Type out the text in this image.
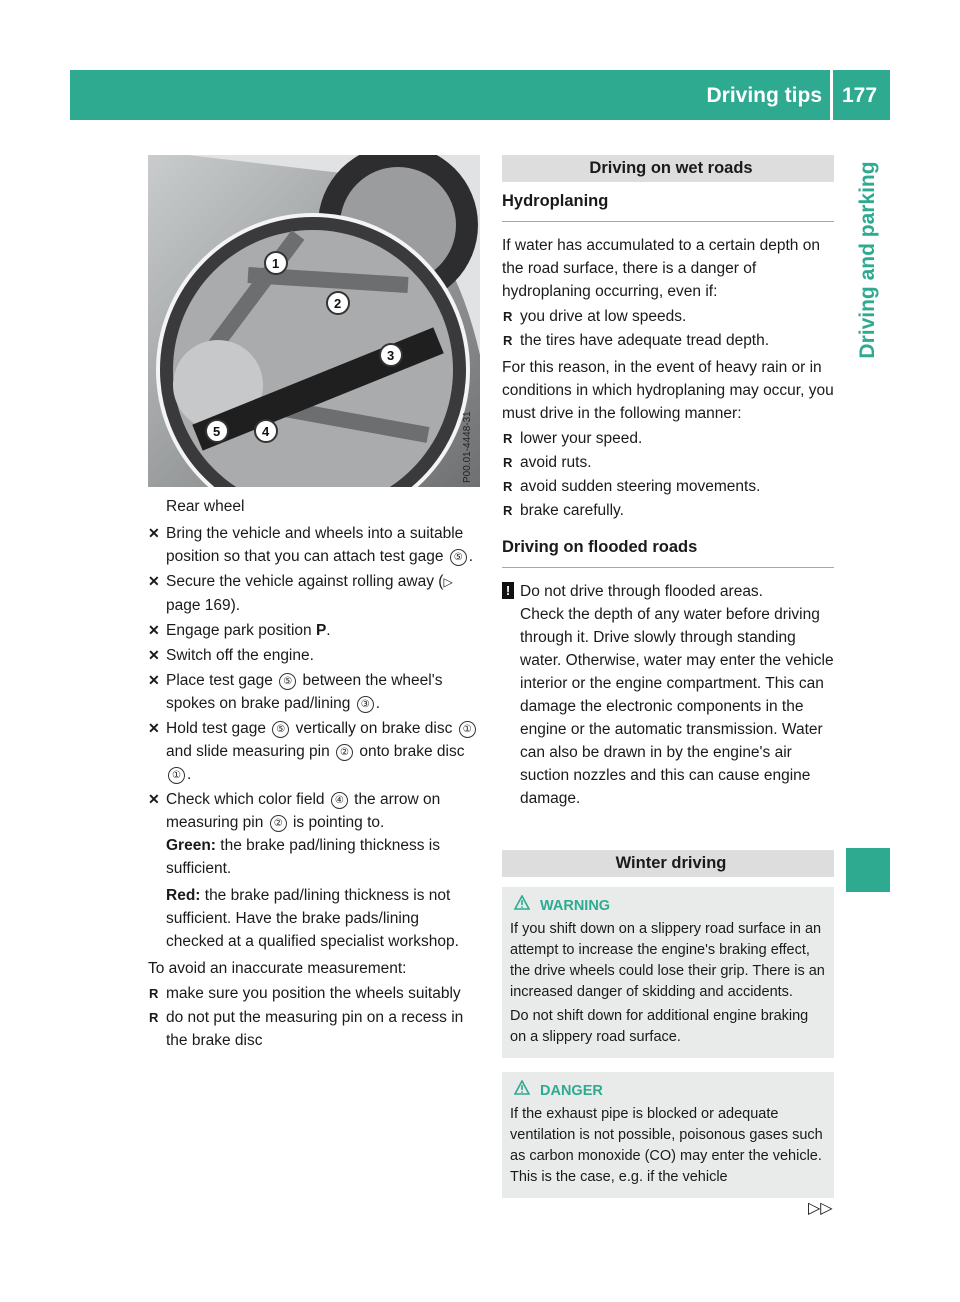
Driving tips 177
Driving and parking
1
2
3
4
5	P00.01-4448-31
Rear wheel
✕ Bring the vehicle and wheels into a suitable position so that you can attach test gage ⑤ .
✕ Secure the vehicle against rolling away (▷ page 169).
✕ Engage park position P.
✕ Switch off the engine.
✕ Place test gage ⑤ between the wheel's spokes on brake pad/lining ③ .
✕ Hold test gage ⑤ vertically on brake disc ① and slide measuring pin ② onto brake disc ① .
✕ Check which color field ④ the arrow on measuring pin ② is pointing to.
Green: the brake pad/lining thickness is sufficient.
Red: the brake pad/lining thickness is not sufficient. Have the brake pads/lining checked at a qualified specialist workshop.
To avoid an inaccurate measurement:
R make sure you position the wheels suitably
R do not put the measuring pin on a recess in the brake disc
Driving on wet roads
Hydroplaning
If water has accumulated to a certain depth on the road surface, there is a danger of hydroplaning occurring, even if:
R you drive at low speeds.
R the tires have adequate tread depth.
For this reason, in the event of heavy rain or in conditions in which hydroplaning may occur, you must drive in the following manner:
R lower your speed.
R avoid ruts.
R avoid sudden steering movements.
R brake carefully.
Driving on flooded roads
! Do not drive through flooded areas.
Check the depth of any water before driving through it. Drive slowly through standing water. Otherwise, water may enter the vehicle interior or the engine compartment. This can damage the electronic components in the engine or the automatic transmission. Water can also be drawn in by the engine's air suction nozzles and this can cause engine damage.
Winter driving
WARNING
If you shift down on a slippery road surface in an attempt to increase the engine's braking effect, the drive wheels could lose their grip. There is an increased danger of skidding and accidents.
Do not shift down for additional engine braking on a slippery road surface.
DANGER
If the exhaust pipe is blocked or adequate ventilation is not possible, poisonous gases such as carbon monoxide (CO) may enter the vehicle. This is the case, e.g. if the vehicle
▷▷
